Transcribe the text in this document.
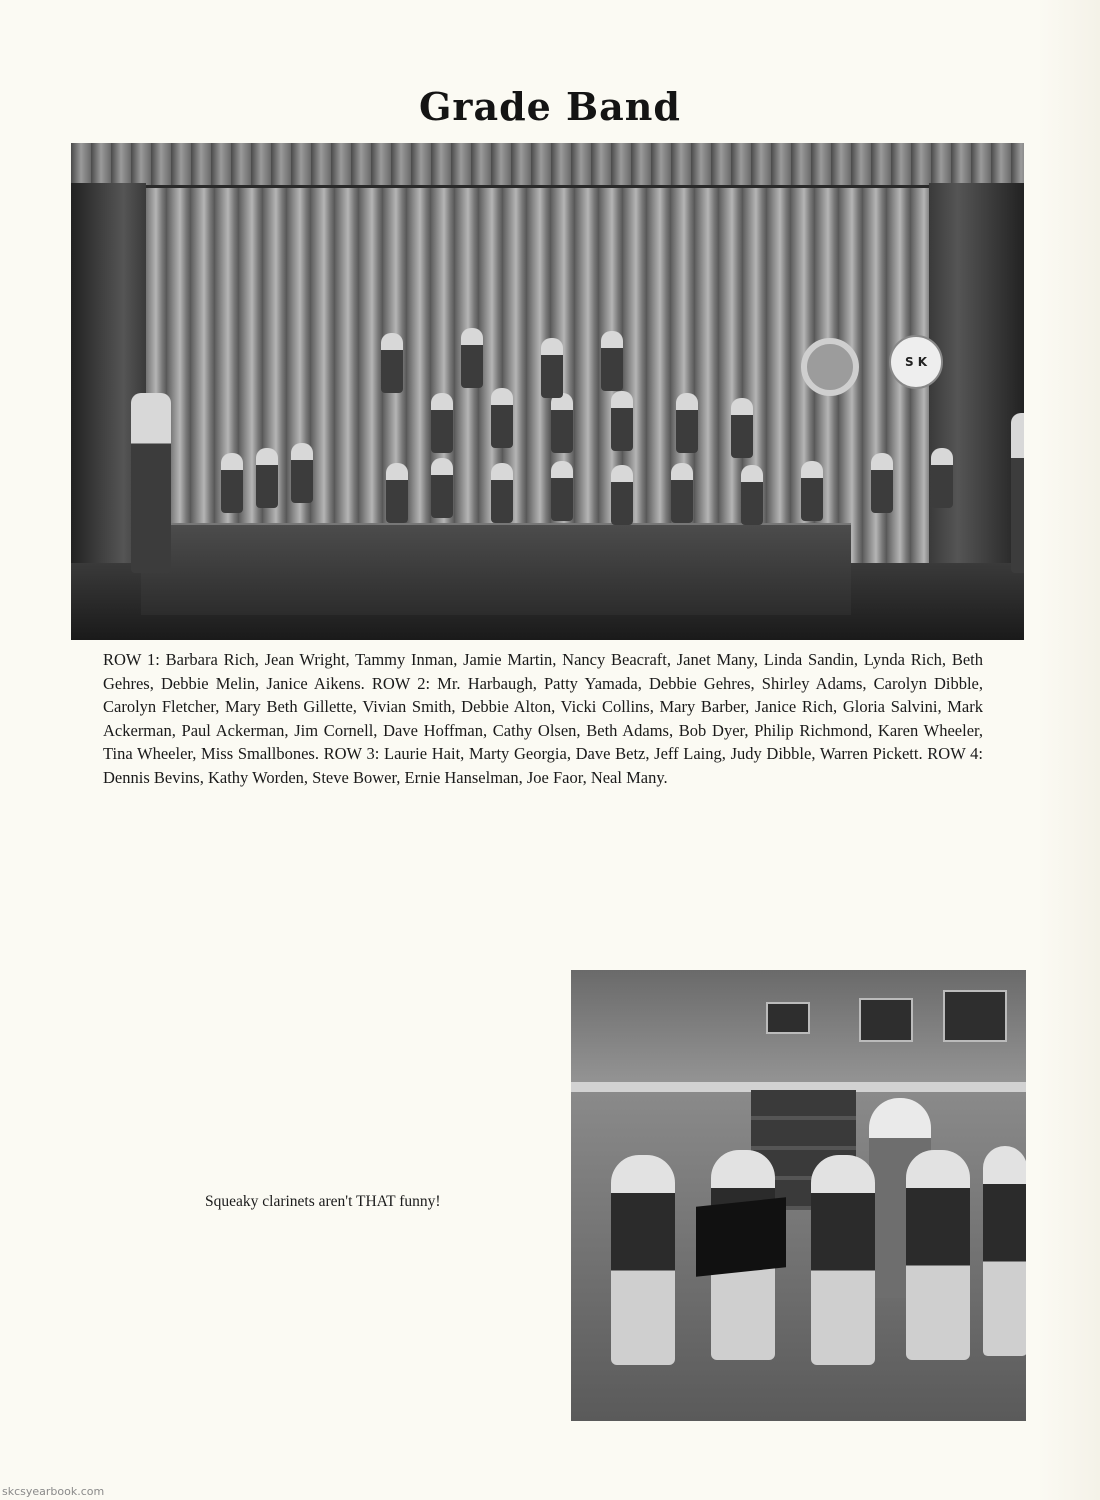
Grade Band
S K
ROW 1: Barbara Rich, Jean Wright, Tammy Inman, Jamie Martin, Nancy Beacraft, Janet Many, Linda Sandin, Lynda Rich, Beth Gehres, Debbie Melin, Janice Aikens. ROW 2: Mr. Harbaugh, Patty Yamada, Debbie Gehres, Shirley Adams, Carolyn Dibble, Carolyn Fletcher, Mary Beth Gillette, Vivian Smith, Debbie Alton, Vicki Collins, Mary Barber, Janice Rich, Gloria Salvini, Mark Ackerman, Paul Ackerman, Jim Cornell, Dave Hoffman, Cathy Olsen, Beth Adams, Bob Dyer, Philip Richmond, Karen Wheeler, Tina Wheeler, Miss Smallbones. ROW 3: Laurie Hait, Marty Georgia, Dave Betz, Jeff Laing, Judy Dibble, Warren Pickett. ROW 4: Dennis Bevins, Kathy Worden, Steve Bower, Ernie Hanselman, Joe Faor, Neal Many.
Squeaky clarinets aren't THAT funny!
skcsyearbook.com
